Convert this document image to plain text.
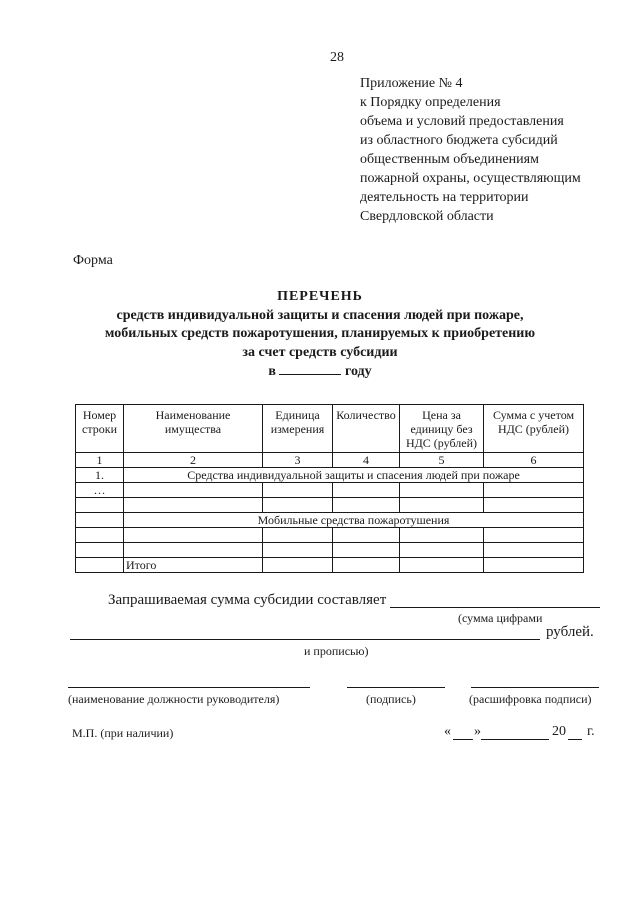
28
Приложение № 4
к Порядку определения
объема и условий предоставления
из областного бюджета субсидий
общественным объединениям
пожарной охраны, осуществляющим
деятельность на территории
Свердловской области
Форма
ПЕРЕЧЕНЬ
средств индивидуальной защиты и спасения людей при пожаре,
мобильных средств пожаротушения, планируемых к приобретению
за счет средств субсидии
в	году
Номер строки	Наименование имущества	Единица измерения	Количество	Цена за единицу без НДС (рублей)	Сумма с учетом НДС (рублей)
1	2	3	4	5	6
1.	Средства индивидуальной защиты и спасения людей при пожаре				
…					

	Мобильные средства пожаротушения				

	Итого				
Запрашиваемая сумма субсидии составляет
(сумма цифрами
рублей.
и прописью)
(наименование должности руководителя)	(подпись)	(расшифровка подписи)
М.П. (при наличии)	« »	20 г.
